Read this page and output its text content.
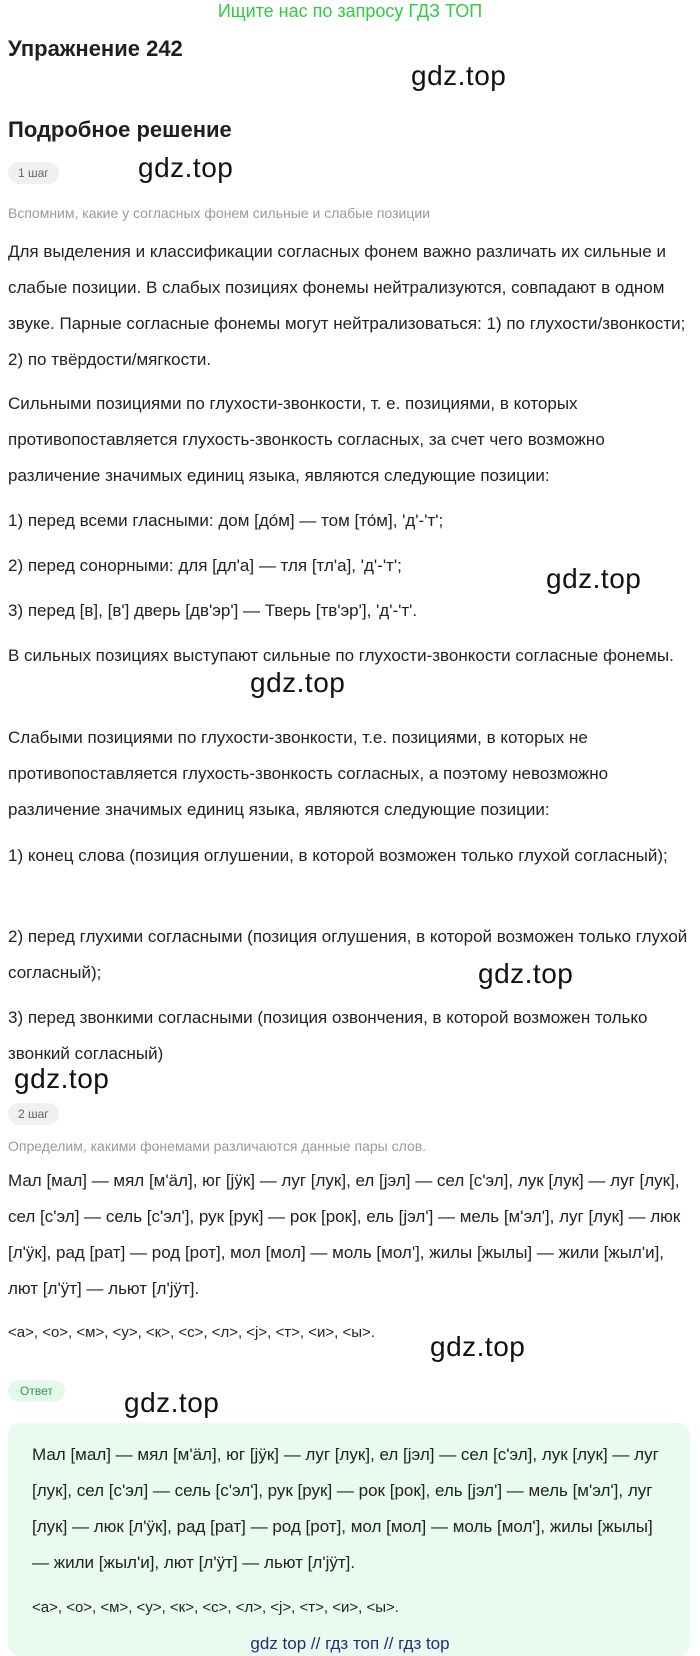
Ищите нас по запросу ГДЗ ТОП
Упражнение 242
gdz.top
Подробное решение
1 шаг	gdz.top
Вспомним, какие у согласных фонем сильные и слабые позиции
Для выделения и классификации согласных фонем важно различать их сильные и слабые позиции. В слабых позициях фонемы нейтрализуются, совпадают в одном звуке. Парные согласные фонемы могут нейтрализоваться: 1) по глухости/звонкости; 2) по твёрдости/мягкости.
Сильными позициями по глухости-звонкости, т. е. позициями, в которых противопоставляется глухость-звонкость согласных, за счет чего возможно различение значимых единиц языка, являются следующие позиции:
1) перед всеми гласными: дом [до́м] — том [то́м], 'д'-'т';
2) перед сонорными: для [дл'а] — тля [тл'а], 'д'-'т';	gdz.top
3) перед [в], [в'] дверь [дв'эр'] — Тверь [тв'эр'], 'д'-'т'.
В сильных позициях выступают сильные по глухости-звонкости согласные фонемы.
gdz.top
Слабыми позициями по глухости-звонкости, т.е. позициями, в которых не противопоставляется глухость-звонкость согласных, а поэтому невозможно различение значимых единиц языка, являются следующие позиции:
1) конец слова (позиция оглушении, в которой возможен только глухой согласный);
2) перед глухими согласными (позиция оглушения, в которой возможен только глухой согласный);	gdz.top
3) перед звонкими согласными (позиция озвончения, в которой возможен только звонкий согласный)
gdz.top
2 шаг
Определим, какими фонемами различаются данные пары слов.
Мал [мал] — мял [м'ӓл], юг [jӱк] — луг [лук], ел [jэл] — сел [с'эл], лук [лук] — луг [лук], сел [с'эл] — сель [с'эл'], рук [рук] — рок [рок], ель [jэл'] — мель [м'эл'], луг [лук] — люк [л'ӱк], рад [рат] — род [рот], мол [мол] — моль [мол'], жилы [жылы] — жили [жыл'и], лют [л'ӱт] — льют [л'jӱт].
<а>, <о>, <м>, <у>, <к>, <с>, <л>, <j>, <т>, <и>, <ы>.	gdz.top
Ответ	gdz.top
Мал [мал] — мял [м'ӓл], юг [jӱк] — луг [лук], ел [jэл] — сел [с'эл], лук [лук] — луг [лук], сел [с'эл] — сель [с'эл'], рук [рук] — рок [рок], ель [jэл'] — мель [м'эл'], луг [лук] — люк [л'ӱк], рад [рат] — род [рот], мол [мол] — моль [мол'], жилы [жылы] — жили [жыл'и], лют [л'ӱт] — льют [л'jӱт].
<а>, <о>, <м>, <у>, <к>, <с>, <л>, <j>, <т>, <и>, <ы>.
gdz top // гдз топ // гдз top
